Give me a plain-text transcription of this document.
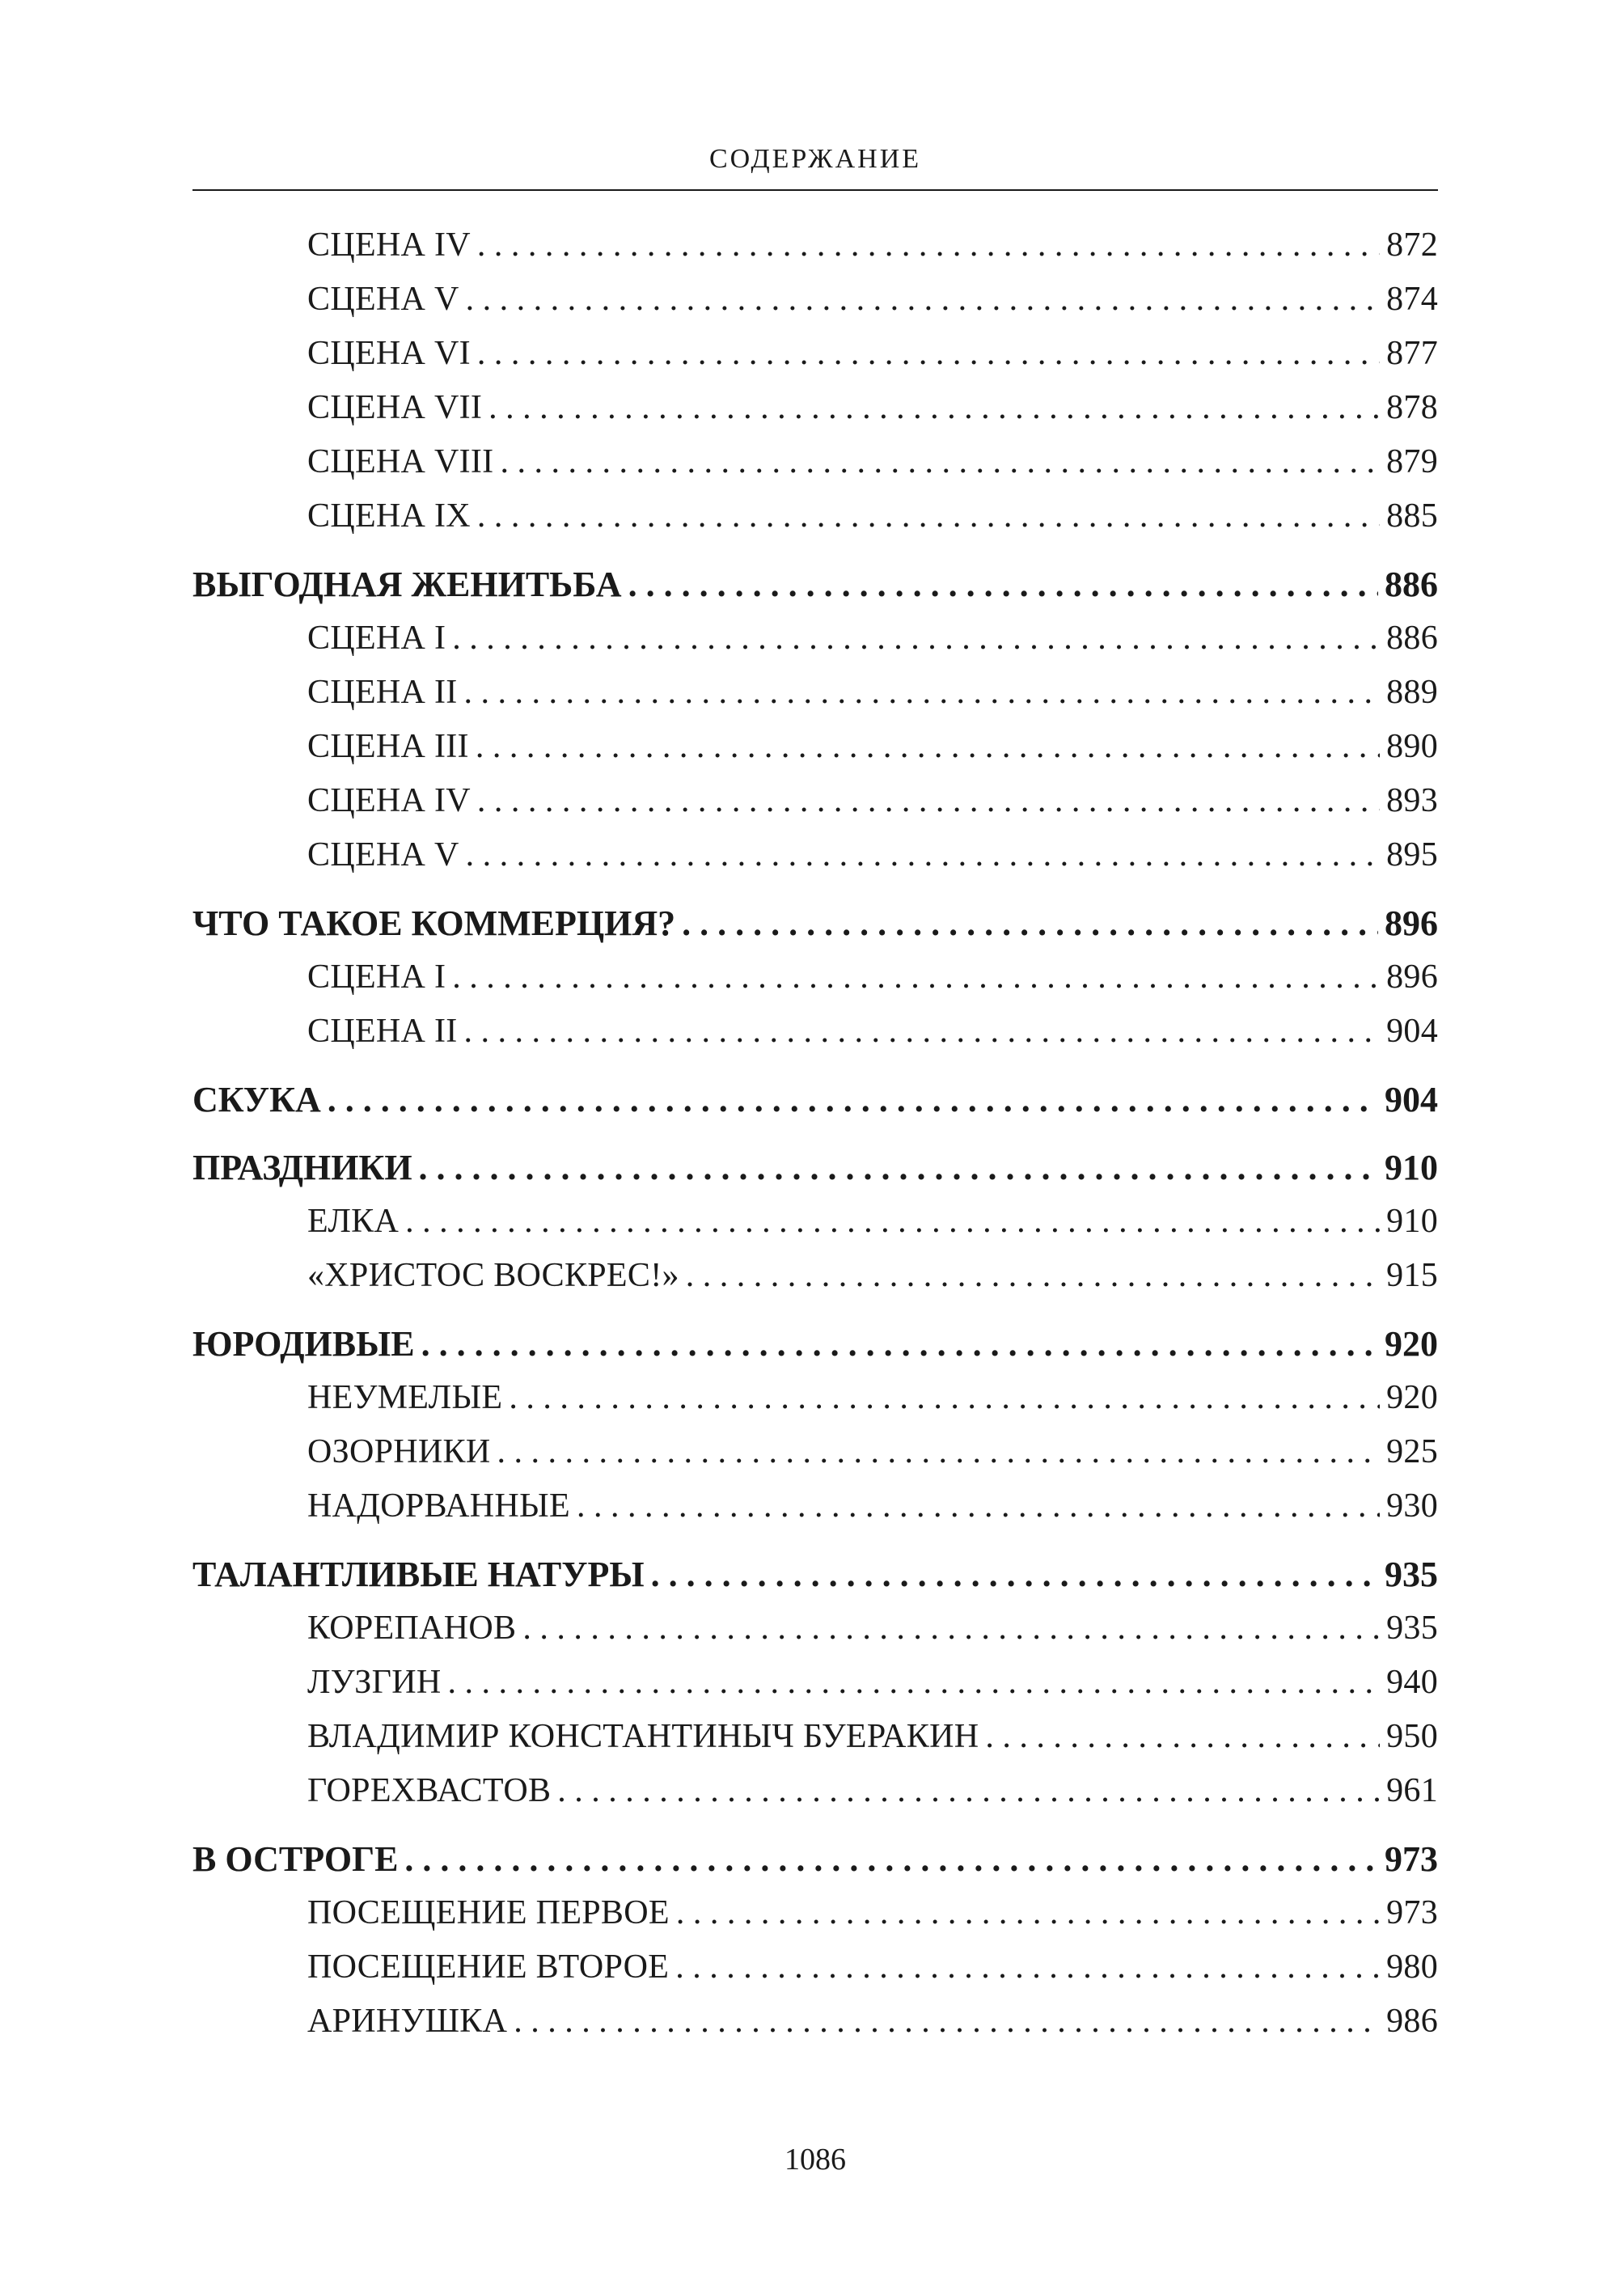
СОДЕРЖАНИЕ
СЦЕНА IV . . .	872
СЦЕНА V . . .	874
СЦЕНА VI . . .	877
СЦЕНА VII . . .	878
СЦЕНА VIII . . .	879
СЦЕНА IX . . .	885
ВЫГОДНАЯ ЖЕНИТЬБА . . .	886
СЦЕНА I . . .	886
СЦЕНА II . . .	889
СЦЕНА III . . .	890
СЦЕНА IV . . .	893
СЦЕНА V . . .	895
ЧТО ТАКОЕ КОММЕРЦИЯ? . . .	896
СЦЕНА I . . .	896
СЦЕНА II . . .	904
СКУКА . . .	904
ПРАЗДНИКИ . . .	910
ЕЛКА . . .	910
«ХРИСТОС ВОСКРЕС!» . . .	915
ЮРОДИВЫЕ . . .	920
НЕУМЕЛЫЕ . . .	920
ОЗОРНИКИ . . .	925
НАДОРВАННЫЕ . . .	930
ТАЛАНТЛИВЫЕ НАТУРЫ . . .	935
КОРЕПАНОВ . . .	935
ЛУЗГИН . . .	940
ВЛАДИМИР КОНСТАНТИНЫЧ БУЕРАКИН . . .	950
ГОРЕХВАСТОВ . . .	961
В ОСТРОГЕ . . .	973
ПОСЕЩЕНИЕ ПЕРВОЕ . . .	973
ПОСЕЩЕНИЕ ВТОРОЕ . . .	980
АРИНУШКА . . .	986
1086
